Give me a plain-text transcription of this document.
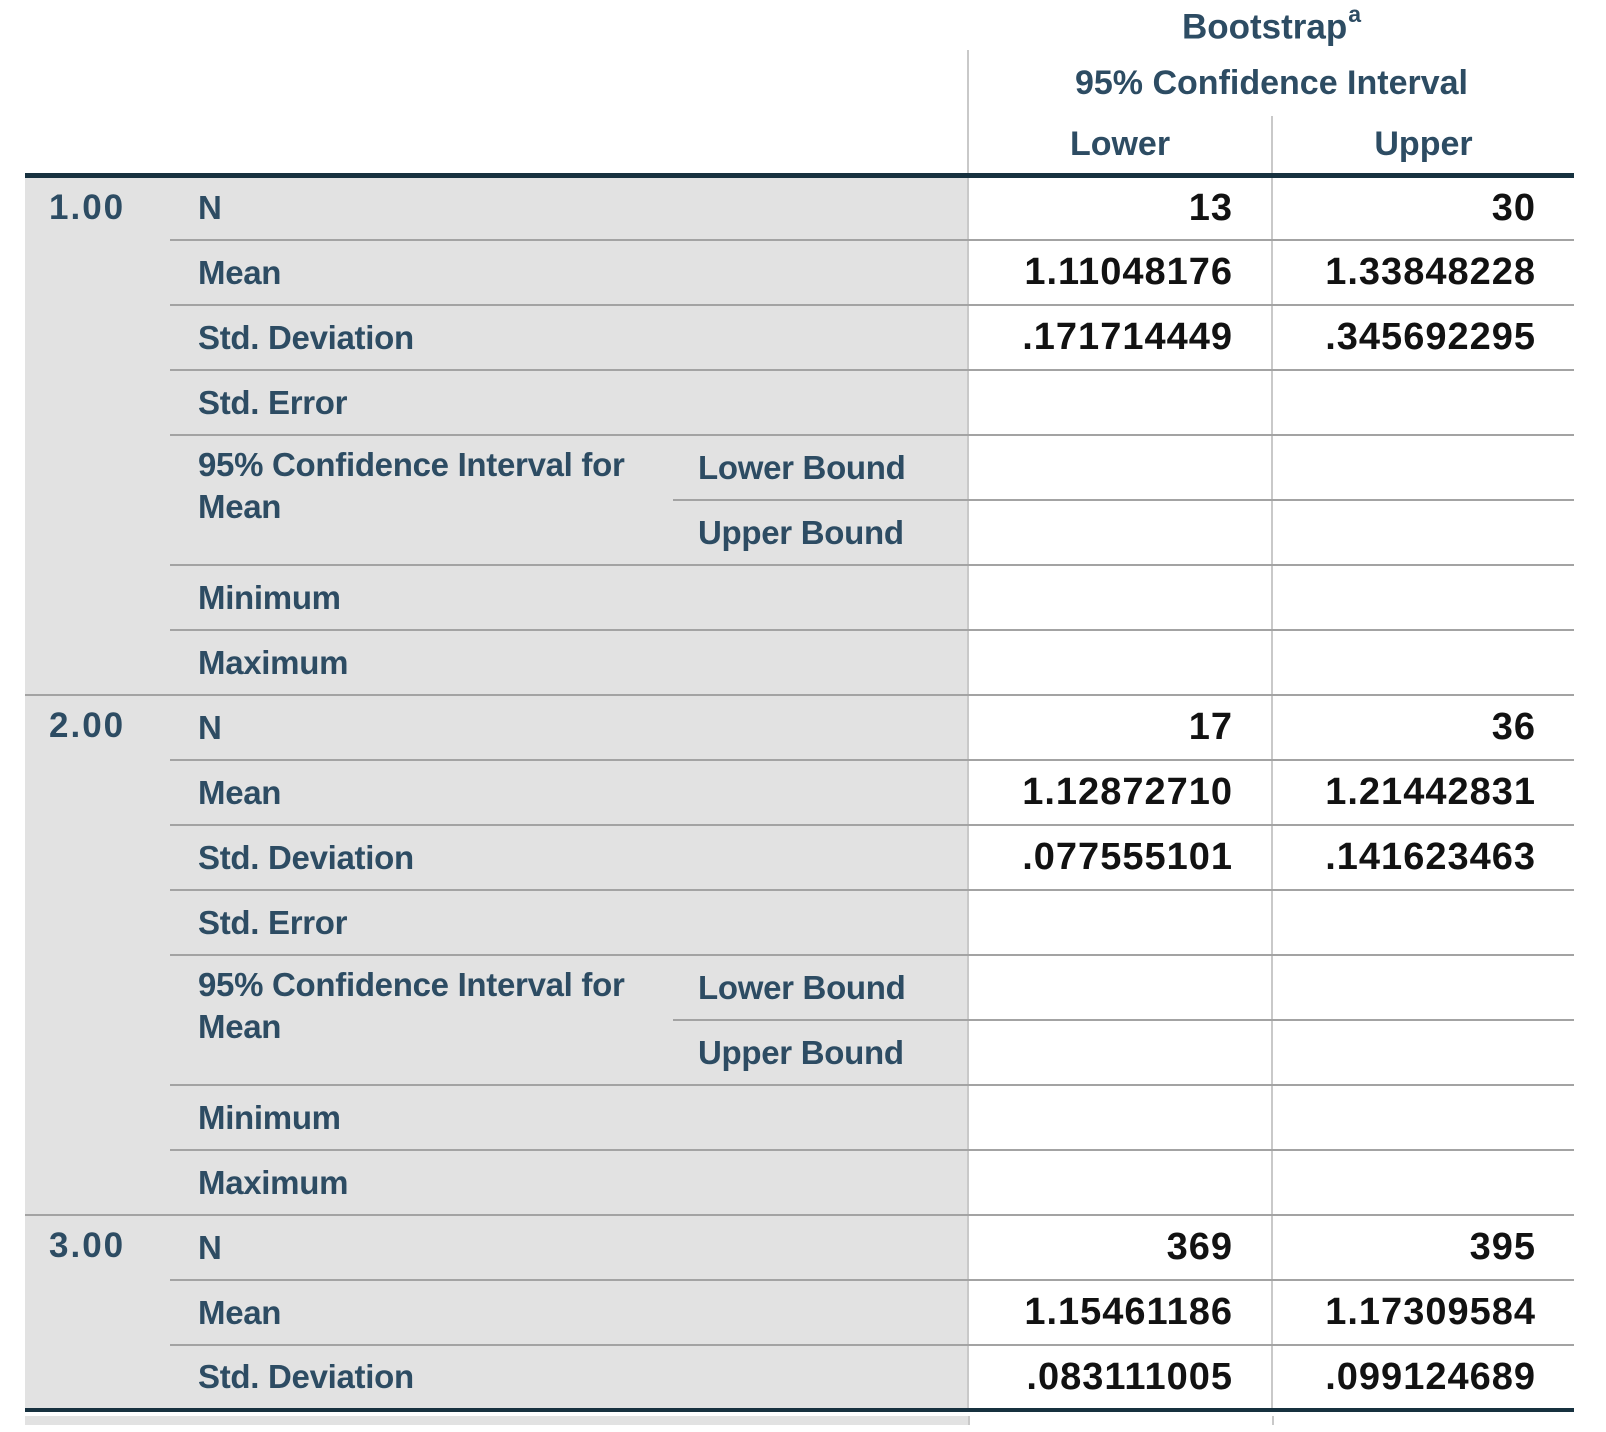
			Bootstrap$^a$
			95% Confidence Interval	
			Lower	Upper
1.00	N		13	30
	Mean		1.11048176	1.33848228
	Std. Deviation		.171714449	.345692295
	Std. Error			
	95% Confidence Interval for Mean	Lower Bound		
		Upper Bound		
	Minimum			
	Maximum			
2.00	N		17	36
	Mean		1.12872710	1.21442831
	Std. Deviation		.077555101	.141623463
	Std. Error			
	95% Confidence Interval for Mean	Lower Bound		
		Upper Bound		
	Minimum			
	Maximum			
3.00	N		369	395
	Mean		1.15461186	1.17309584
	Std. Deviation		.083111005	.099124689
